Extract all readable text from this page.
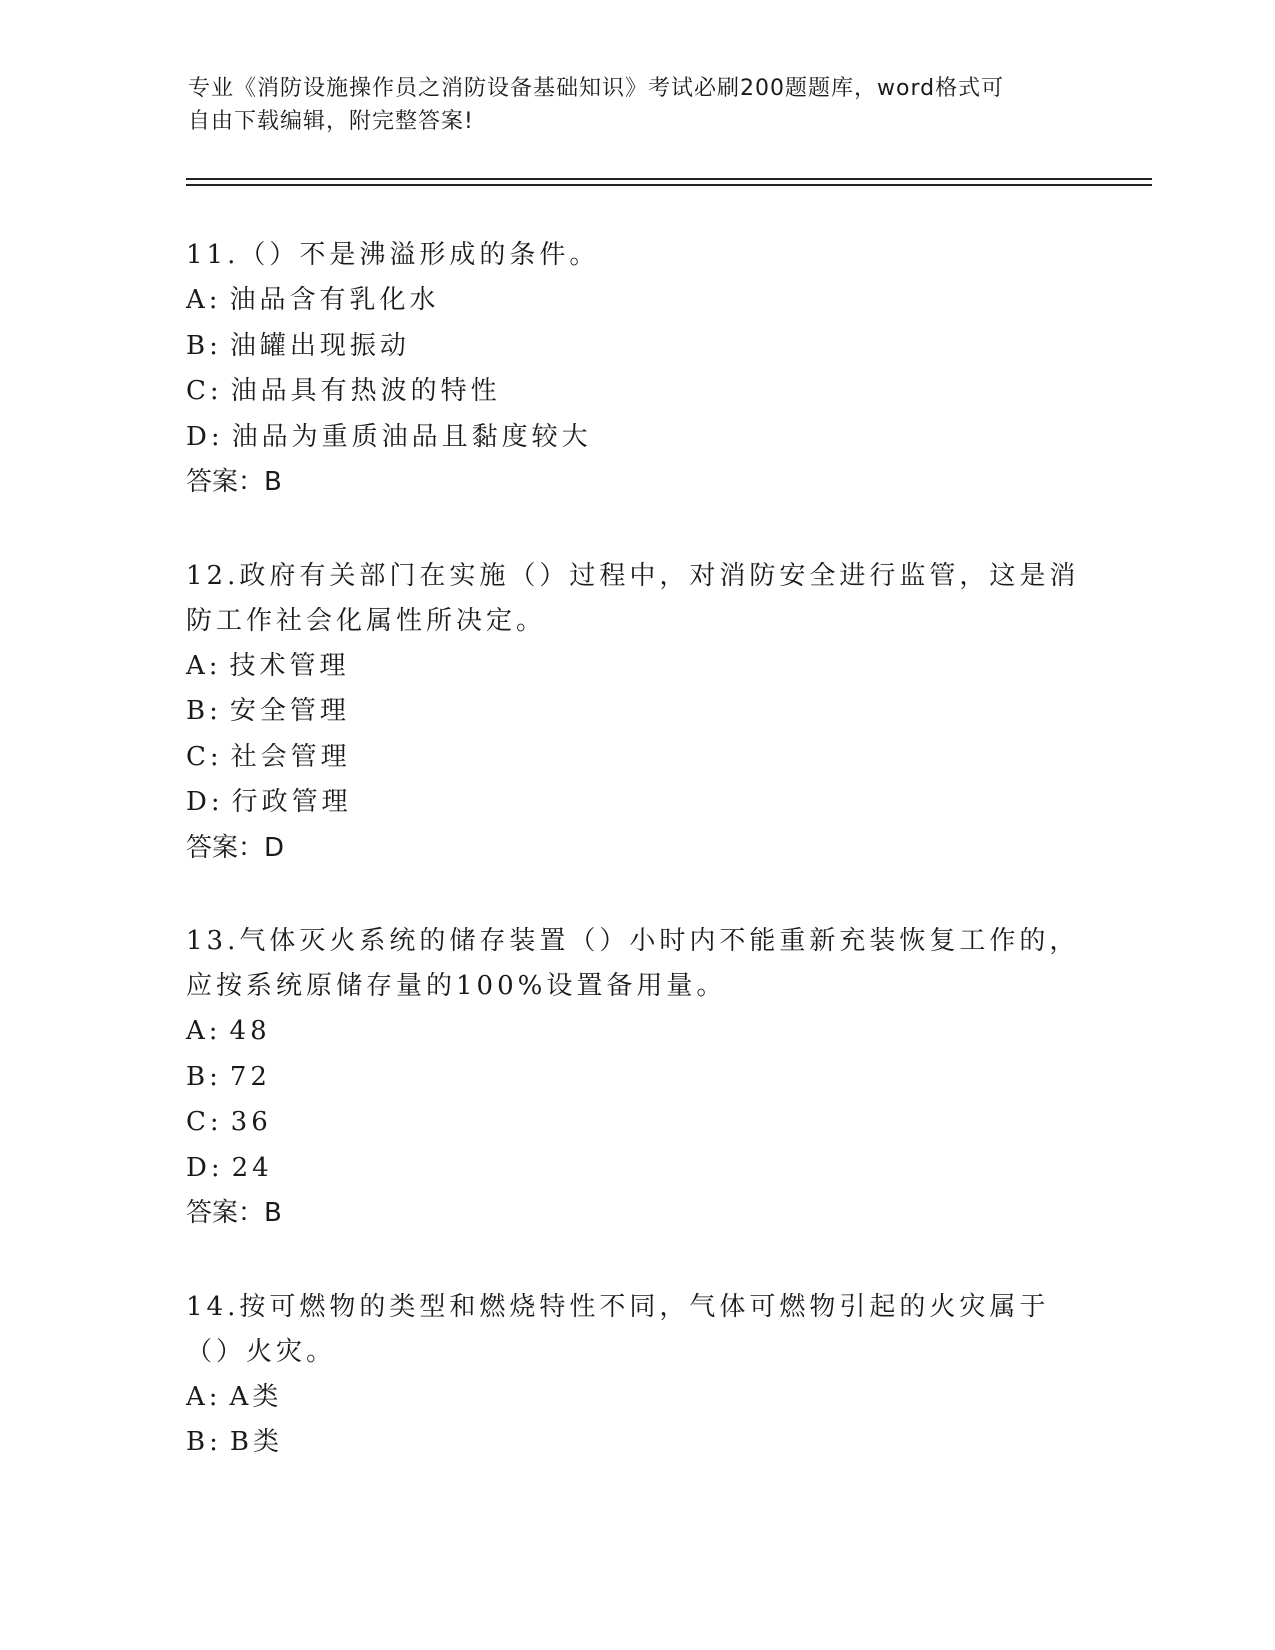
专业《消防设施操作员之消防设备基础知识》考试必刷200题题库，word格式可
自由下载编辑，附完整答案!

11.（）不是沸溢形成的条件。

A: 油品含有乳化水

B: 油罐出现振动

C: 油品具有热波的特性

D: 油品为重质油品且黏度较大

答案：B

12.政府有关部门在实施（）过程中，对消防安全进行监管，这是消防工作社会化属性所决定。

A: 技术管理

B: 安全管理

C: 社会管理

D: 行政管理

答案：D

13.气体灭火系统的储存装置（）小时内不能重新充装恢复工作的，应按系统原储存量的100%设置备用量。

A: 48

B: 72

C: 36

D: 24

答案：B

14.按可燃物的类型和燃烧特性不同，气体可燃物引起的火灾属于（）火灾。

A: A类

B: B类
